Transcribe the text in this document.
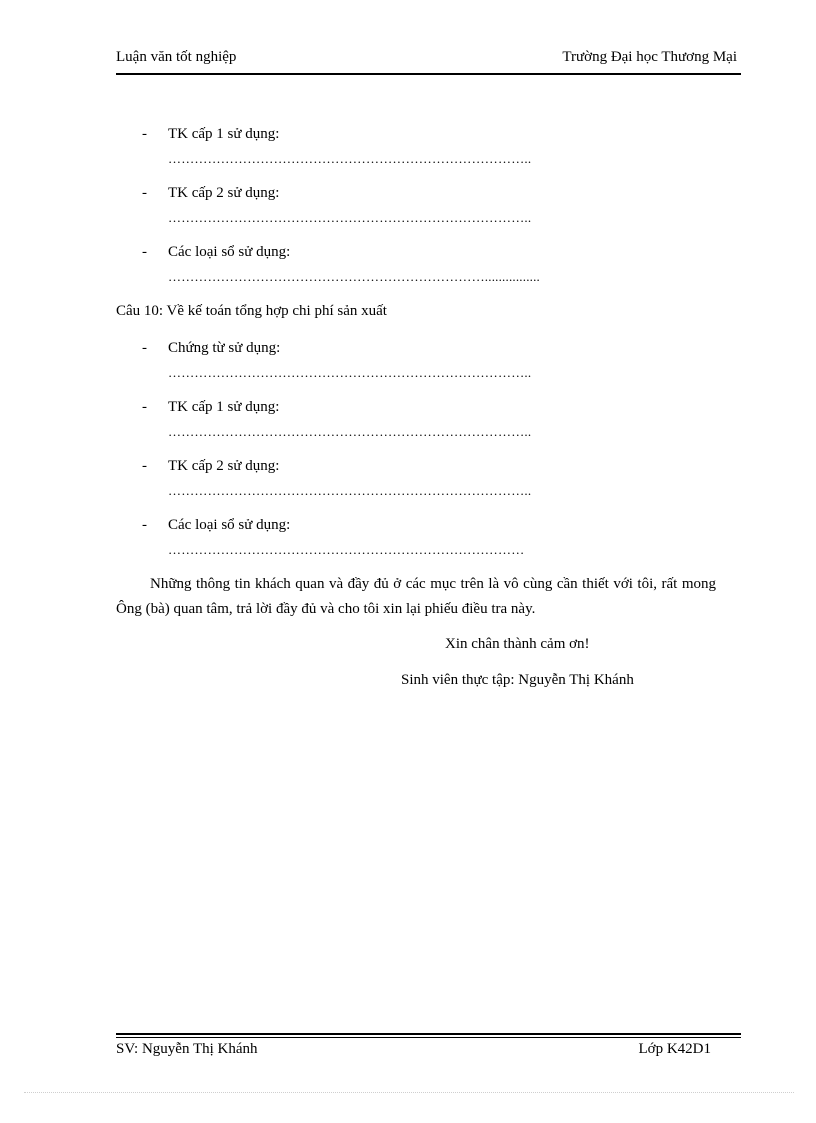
Luận văn tốt nghiệp	Trường Đại học Thương Mại
- TK cấp 1 sử dụng:
………………………………………………………………………..
- TK cấp 2 sử dụng:
………………………………………………………………………..
- Các loại sổ sử dụng:
………………………………………………………………................
Câu 10: Về kế toán tổng hợp chi phí sản xuất
- Chứng từ sử dụng:
………………………………………………………………………..
- TK cấp 1 sử dụng:
………………………………………………………………………..
- TK cấp 2 sử dụng:
………………………………………………………………………..
- Các loại sổ sử dụng:
………………………………………………………………………
Những thông tin khách quan và đầy đủ ở các mục trên là vô cùng cần thiết với tôi, rất mong Ông (bà) quan tâm, trả lời đầy đủ và cho tôi xin lại phiếu điều tra này.
Xin chân thành cảm ơn!
Sinh viên thực tập: Nguyễn Thị Khánh
SV: Nguyễn Thị Khánh	Lớp K42D1
